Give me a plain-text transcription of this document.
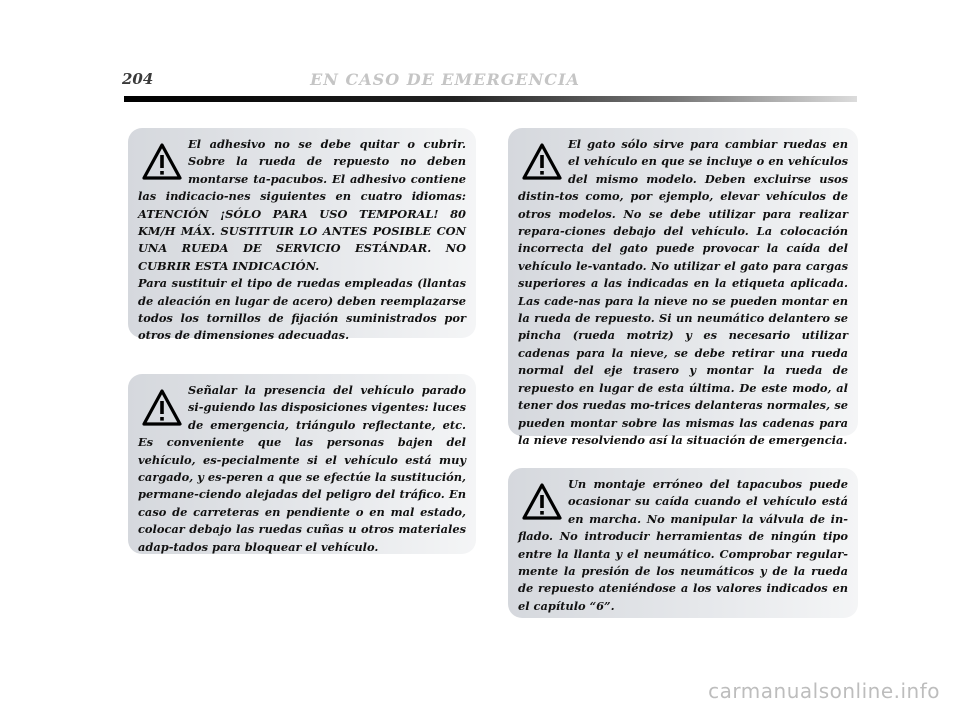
204	EN CASO DE EMERGENCIA

El adhesivo no se debe quitar o cubrir. Sobre la rueda de repuesto no deben montarse ta-pacubos. El adhesivo contiene las indicacio-nes siguientes en cuatro idiomas: ATENCIÓN ¡SÓLO PARA USO TEMPORAL! 80 KM/H MÁX. SUSTITUIR LO ANTES POSIBLE CON UNA RUEDA DE SERVICIO ESTÁNDAR. NO CUBRIR ESTA INDICACIÓN.

Para sustituir el tipo de ruedas empleadas (llantas de aleación en lugar de acero) deben reemplazarse todos los tornillos de fijación suministrados por otros de dimensiones adecuadas.

Señalar la presencia del vehículo parado si-guiendo las disposiciones vigentes: luces de emergencia, triángulo reflectante, etc. Es conveniente que las personas bajen del vehículo, es-pecialmente si el vehículo está muy cargado, y es-peren a que se efectúe la sustitución, permane-ciendo alejadas del peligro del tráfico. En caso de carreteras en pendiente o en mal estado, colocar debajo las ruedas cuñas u otros materiales adap-tados para bloquear el vehículo.

El gato sólo sirve para cambiar ruedas en el vehículo en que se incluye o en vehículos del mismo modelo. Deben excluirse usos distin-tos como, por ejemplo, elevar vehículos de otros modelos. No se debe utilizar para realizar repara-ciones debajo del vehículo. La colocación incorrecta del gato puede provocar la caída del vehículo le-vantado. No utilizar el gato para cargas superiores a las indicadas en la etiqueta aplicada. Las cade-nas para la nieve no se pueden montar en la rueda de repuesto. Si un neumático delantero se pincha (rueda motriz) y es necesario utilizar cadenas para la nieve, se debe retirar una rueda normal del eje trasero y montar la rueda de repuesto en lugar de esta última. De este modo, al tener dos ruedas mo-trices delanteras normales, se pueden montar sobre las mismas las cadenas para la nieve resolviendo así la situación de emergencia.

Un montaje erróneo del tapacubos puede ocasionar su caída cuando el vehículo está en marcha. No manipular la válvula de in-flado. No introducir herramientas de ningún tipo entre la llanta y el neumático. Comprobar regular-mente la presión de los neumáticos y de la rueda de repuesto ateniéndose a los valores indicados en el capítulo “6”.

carmanualsonline.info
